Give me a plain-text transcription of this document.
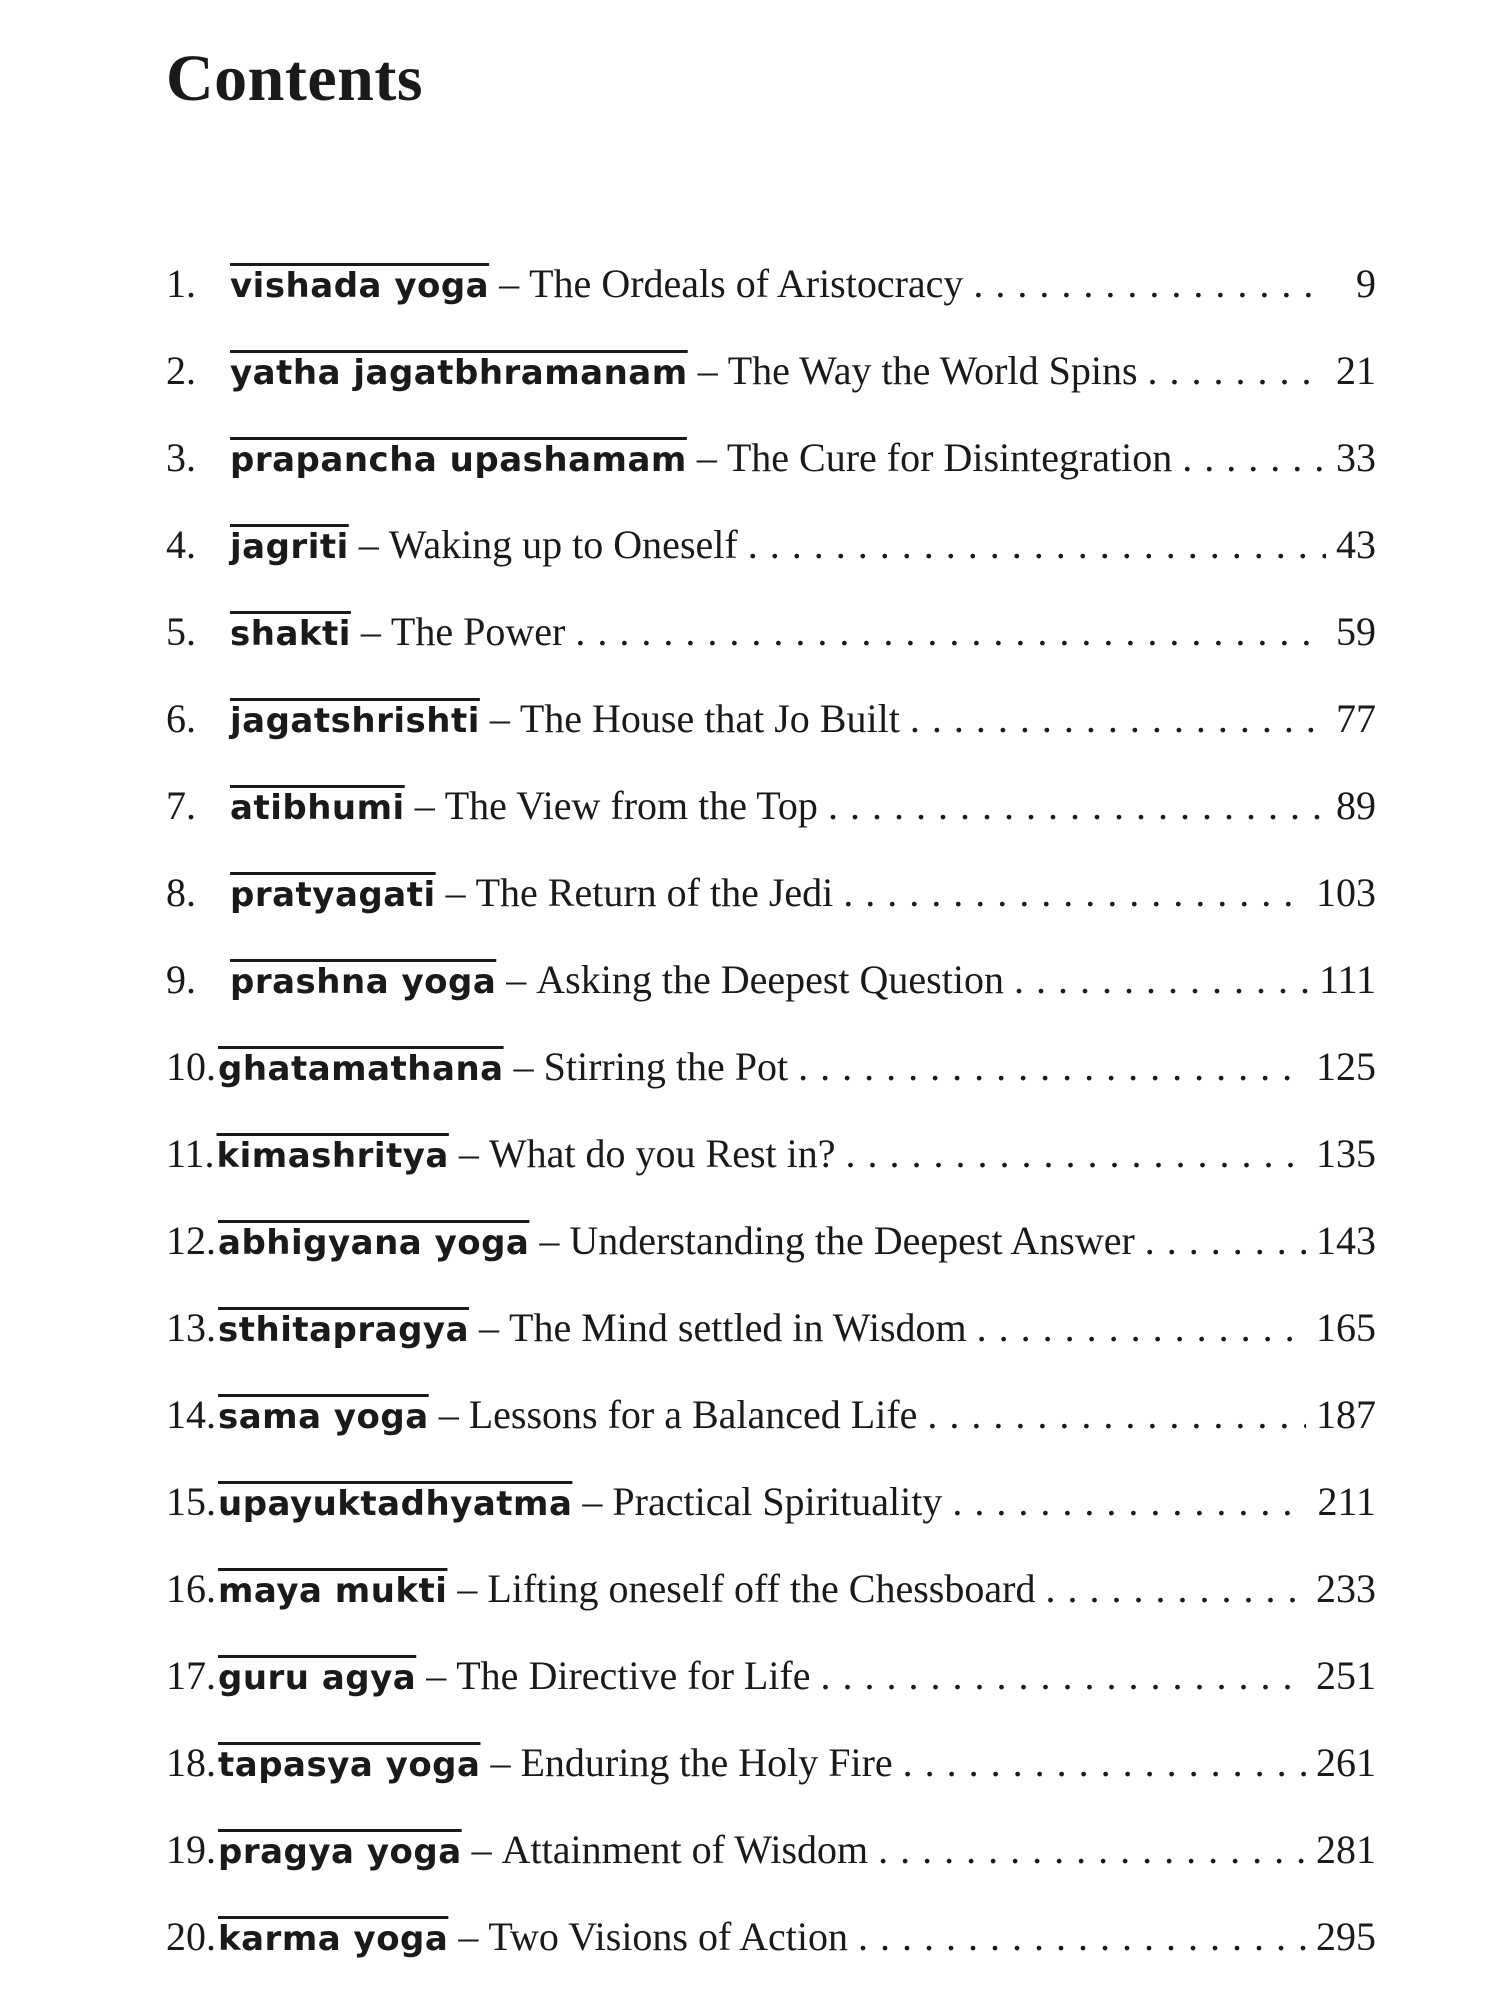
Contents
1.	vishada yoga – The Ordeals of Aristocracy . . .	9
2.	yatha jagatbhramanam – The Way the World Spins . . .	21
3.	prapancha upashamam – The Cure for Disintegration . . .	33
4.	jagriti – Waking up to Oneself . . .	43
5.	shakti – The Power . . .	59
6.	jagatshrishti – The House that Jo Built . . .	77
7.	atibhumi – The View from the Top . . .	89
8.	pratyagati – The Return of the Jedi . . .	103
9.	prashna yoga – Asking the Deepest Question . . .	111
10. ghatamathana – Stirring the Pot . . .	125
11. kimashritya – What do you Rest in? . . .	135
12. abhigyana yoga – Understanding the Deepest Answer . . .	143
13. sthitapragya – The Mind settled in Wisdom . . .	165
14. sama yoga – Lessons for a Balanced Life . . .	187
15. upayuktadhyatma – Practical Spirituality . . .	211
16. maya mukti – Lifting oneself off the Chessboard . . .	233
17. guru agya – The Directive for Life . . .	251
18. tapasya yoga – Enduring the Holy Fire . . .	261
19. pragya yoga – Attainment of Wisdom . . .	281
20. karma yoga – Two Visions of Action . . .	295
